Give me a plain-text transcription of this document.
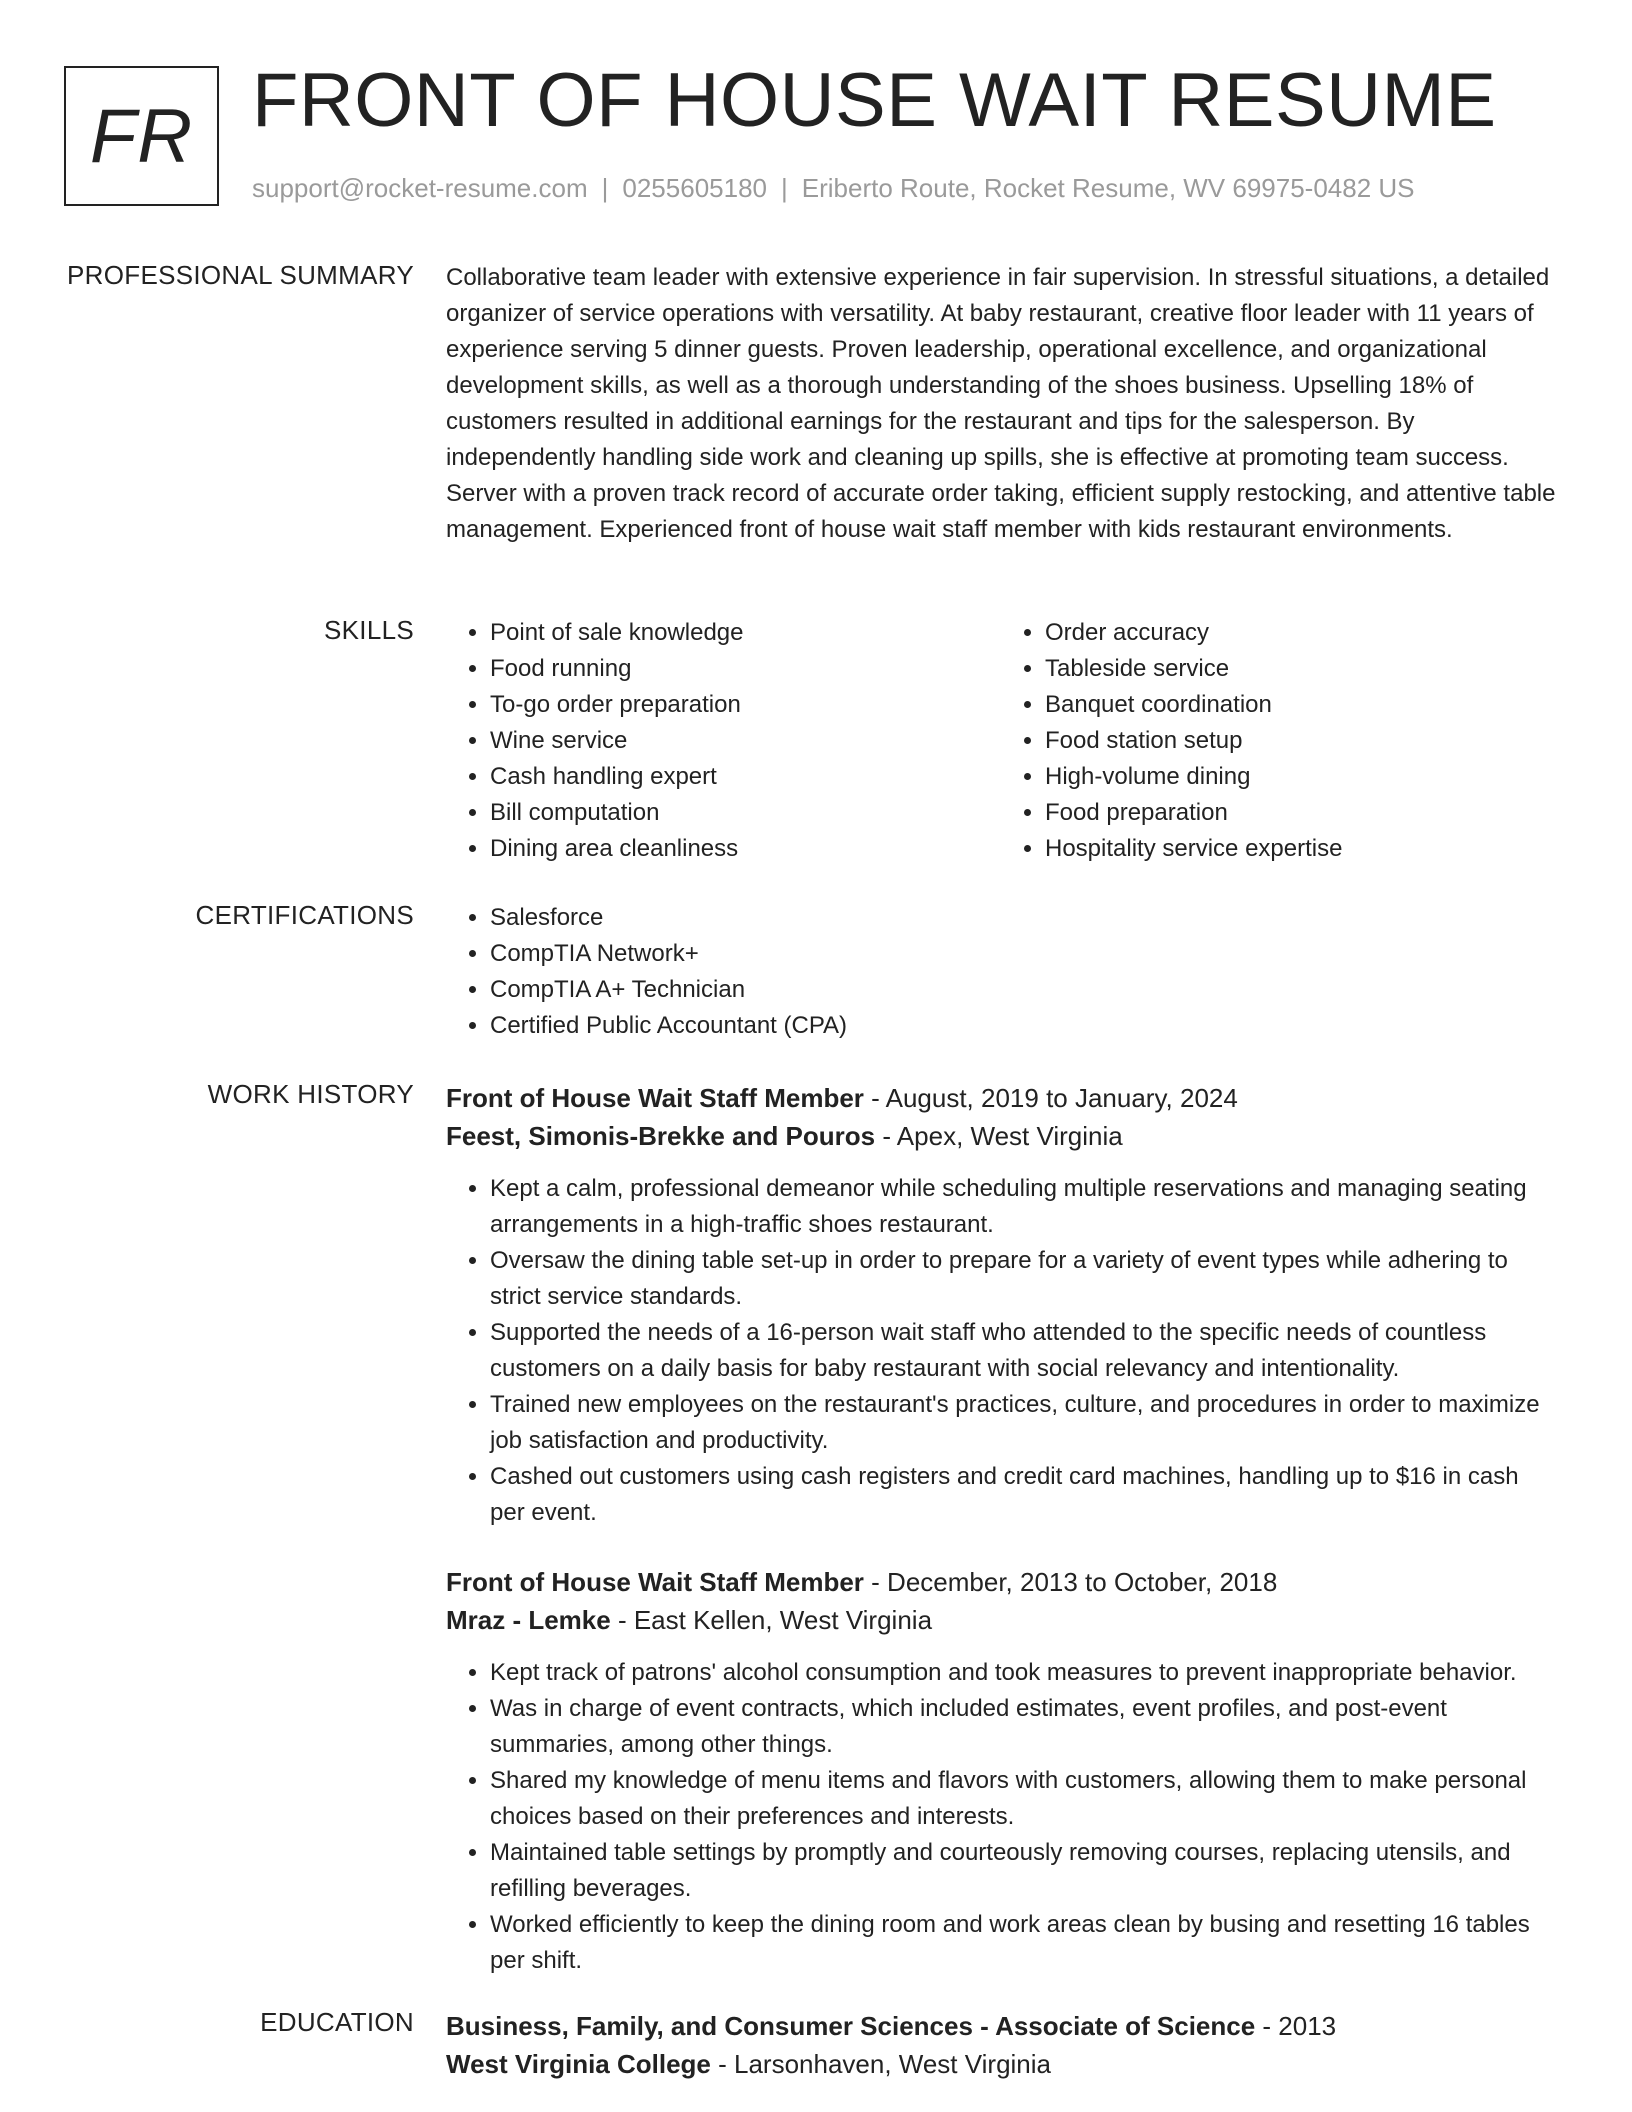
FR FRONT OF HOUSE WAIT RESUME
support@rocket-resume.com | 0255605180 | Eriberto Route, Rocket Resume, WV 69975-0482 US
PROFESSIONAL SUMMARY Collaborative team leader with extensive experience in fair supervision. In stressful situations, a detailed organizer of service operations with versatility. At baby restaurant, creative floor leader with 11 years of experience serving 5 dinner guests. Proven leadership, operational excellence, and organizational development skills, as well as a thorough understanding of the shoes business. Upselling 18% of customers resulted in additional earnings for the restaurant and tips for the salesperson. By independently handling side work and cleaning up spills, she is effective at promoting team success. Server with a proven track record of accurate order taking, efficient supply restocking, and attentive table management. Experienced front of house wait staff member with kids restaurant environments.

SKILLS	• Point of sale knowledge
• Food running
• To-go order preparation
• Wine service
• Cash handling expert
• Bill computation
• Dining area cleanliness
• Order accuracy
• Tableside service
• Banquet coordination
• Food station setup
• High-volume dining
• Food preparation
• Hospitality service expertise
CERTIFICATIONS	• Salesforce
• CompTIA Network+
• CompTIA A+ Technician
• Certified Public Accountant (CPA)
WORK HISTORY Front of House Wait Staff Member - August, 2019 to January, 2024

Feest, Simonis-Brekke and Pouros - Apex, West Virginia

• Kept a calm, professional demeanor while scheduling multiple reservations and managing seating arrangements in a high-traffic shoes restaurant.
• Oversaw the dining table set-up in order to prepare for a variety of event types while adhering to strict service standards.
• Supported the needs of a 16-person wait staff who attended to the specific needs of countless customers on a daily basis for baby restaurant with social relevancy and intentionality.
• Trained new employees on the restaurant's practices, culture, and procedures in order to maximize job satisfaction and productivity.
• Cashed out customers using cash registers and credit card machines, handling up to $16 in cash per event.

Front of House Wait Staff Member - December, 2013 to October, 2018

Mraz - Lemke - East Kellen, West Virginia

• Kept track of patrons' alcohol consumption and took measures to prevent inappropriate behavior.
• Was in charge of event contracts, which included estimates, event profiles, and post-event summaries, among other things.
• Shared my knowledge of menu items and flavors with customers, allowing them to make personal choices based on their preferences and interests.
• Maintained table settings by promptly and courteously removing courses, replacing utensils, and refilling beverages.
• Worked efficiently to keep the dining room and work areas clean by busing and resetting 16 tables per shift.
EDUCATION Business, Family, and Consumer Sciences - Associate of Science - 2013

West Virginia College - Larsonhaven, West Virginia
